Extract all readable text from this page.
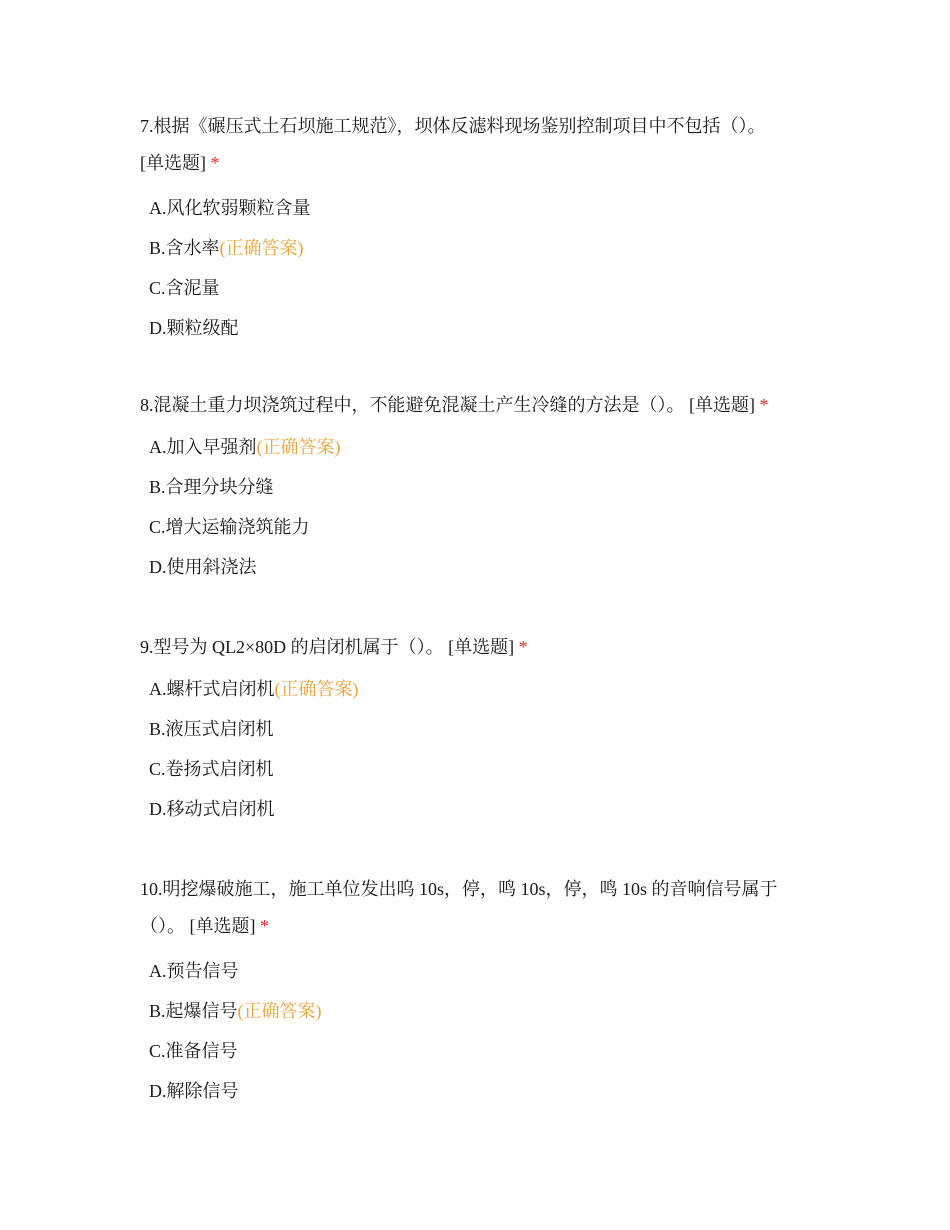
7.根据《碾压式土石坝施工规范》，坝体反滤料现场鉴别控制项目中不包括（）。
[单选题] *

A.风化软弱颗粒含量
B.含水率(正确答案)
C.含泥量
D.颗粒级配

8.混凝土重力坝浇筑过程中，不能避免混凝土产生冷缝的方法是（）。 [单选题] *

A.加入早强剂(正确答案)
B.合理分块分缝
C.增大运输浇筑能力
D.使用斜浇法

9.型号为 QL2×80D 的启闭机属于（）。 [单选题] *

A.螺杆式启闭机(正确答案)
B.液压式启闭机
C.卷扬式启闭机
D.移动式启闭机

10.明挖爆破施工，施工单位发出呜 10s，停，鸣 10s，停，鸣 10s 的音响信号属于（）。 [单选题] *

A.预告信号
B.起爆信号(正确答案)
C.准备信号
D.解除信号
